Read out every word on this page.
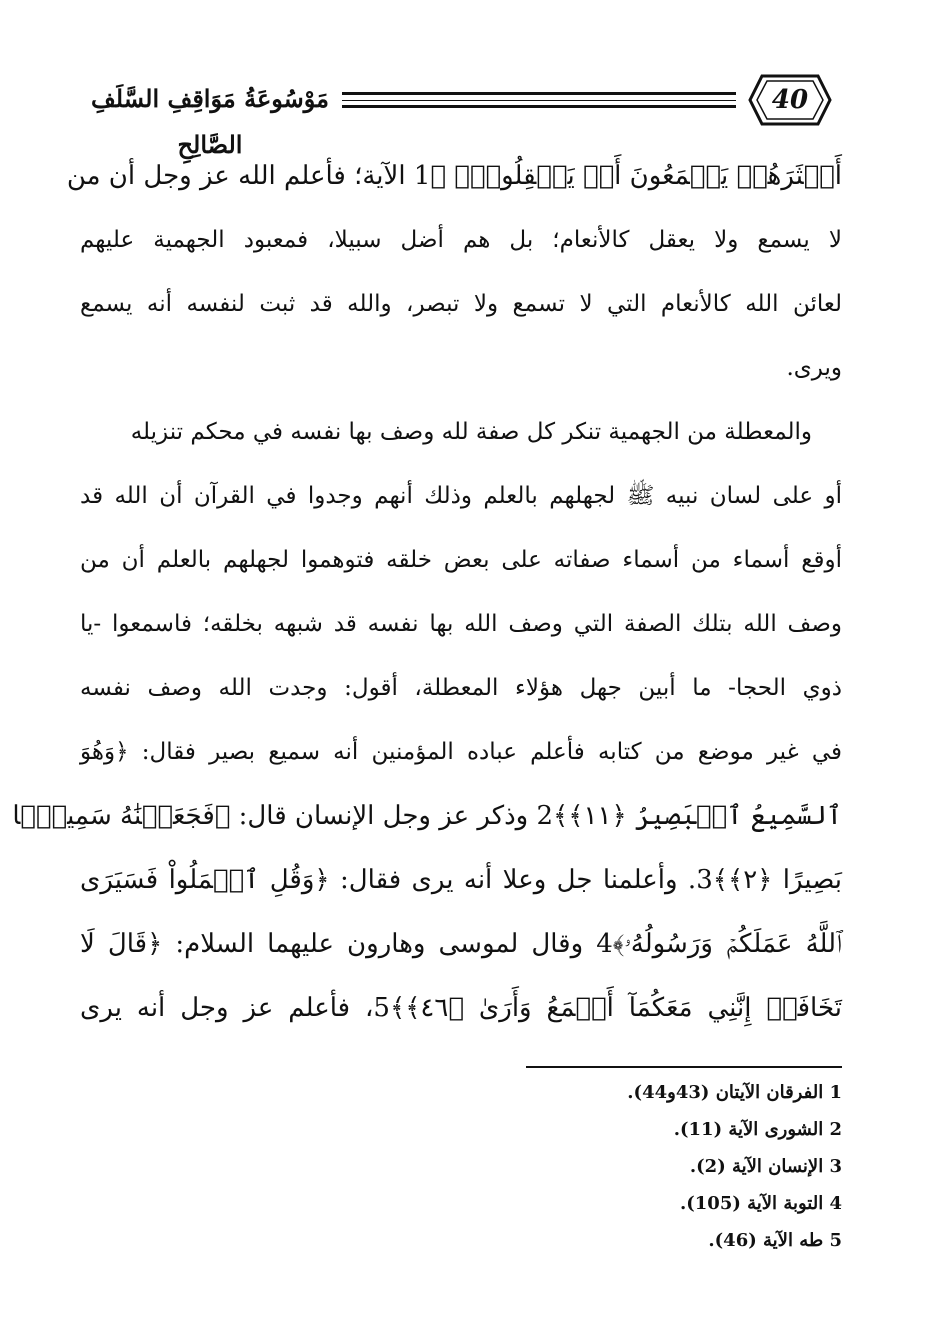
مَوْسُوعَةُ مَوَاقِفِ السَّلَفِ الصَّالِحِ
40
أَكۡثَرَهُمۡ يَسۡمَعُونَ أَوۡ يَعۡقِلُونَۚ ﴾1 الآية؛ فأعلم الله عز وجل أن من
لا يسمع ولا يعقل كالأنعام؛ بل هم أضل سبيلا، فمعبود الجهمية عليهم
لعائن الله كالأنعام التي لا تسمع ولا تبصر، والله قد ثبت لنفسه أنه يسمع
ويرى.
والمعطلة من الجهمية تنكر كل صفة لله وصف بها نفسه في محكم تنزيله
أو على لسان نبيه ﷺ لجهلهم بالعلم وذلك أنهم وجدوا في القرآن أن الله قد
أوقع أسماء من أسماء صفاته على بعض خلقه فتوهموا لجهلهم بالعلم أن من
وصف الله بتلك الصفة التي وصف الله بها نفسه قد شبهه بخلقه؛ فاسمعوا -يا
ذوي الحجا- ما أبين جهل هؤلاء المعطلة، أقول: وجدت الله وصف نفسه
في غير موضع من كتابه فأعلم عباده المؤمنين أنه سميع بصير فقال: ﴿وَهُوَ
ٱلسَّمِيعُ ٱلۡبَصِيرُ ﴿١١﴾﴾2 وذكر عز وجل الإنسان قال: ﴿فَجَعَلۡنَٰهُ سَمِيعَۢا
بَصِيرًا ﴿٢﴾﴾3. وأعلمنا جل وعلا أنه يرى فقال: ﴿وَقُلِ ٱعۡمَلُواْ فَسَيَرَى
ٱللَّهُ عَمَلَكُمۡ وَرَسُولُهُۥ﴾4 وقال لموسى وهارون عليهما السلام: ﴿قَالَ لَا
تَخَافَآۖ إِنَّنِي مَعَكُمَآ أَسۡمَعُ وَأَرَىٰ ﴿٤٦﴾﴾5، فأعلم عز وجل أنه يرى
1 الفرقان الآيتان (43و44).
2 الشورى الآية (11).
3 الإنسان الآية (2).
4 التوبة الآية (105).
5 طه الآية (46).
